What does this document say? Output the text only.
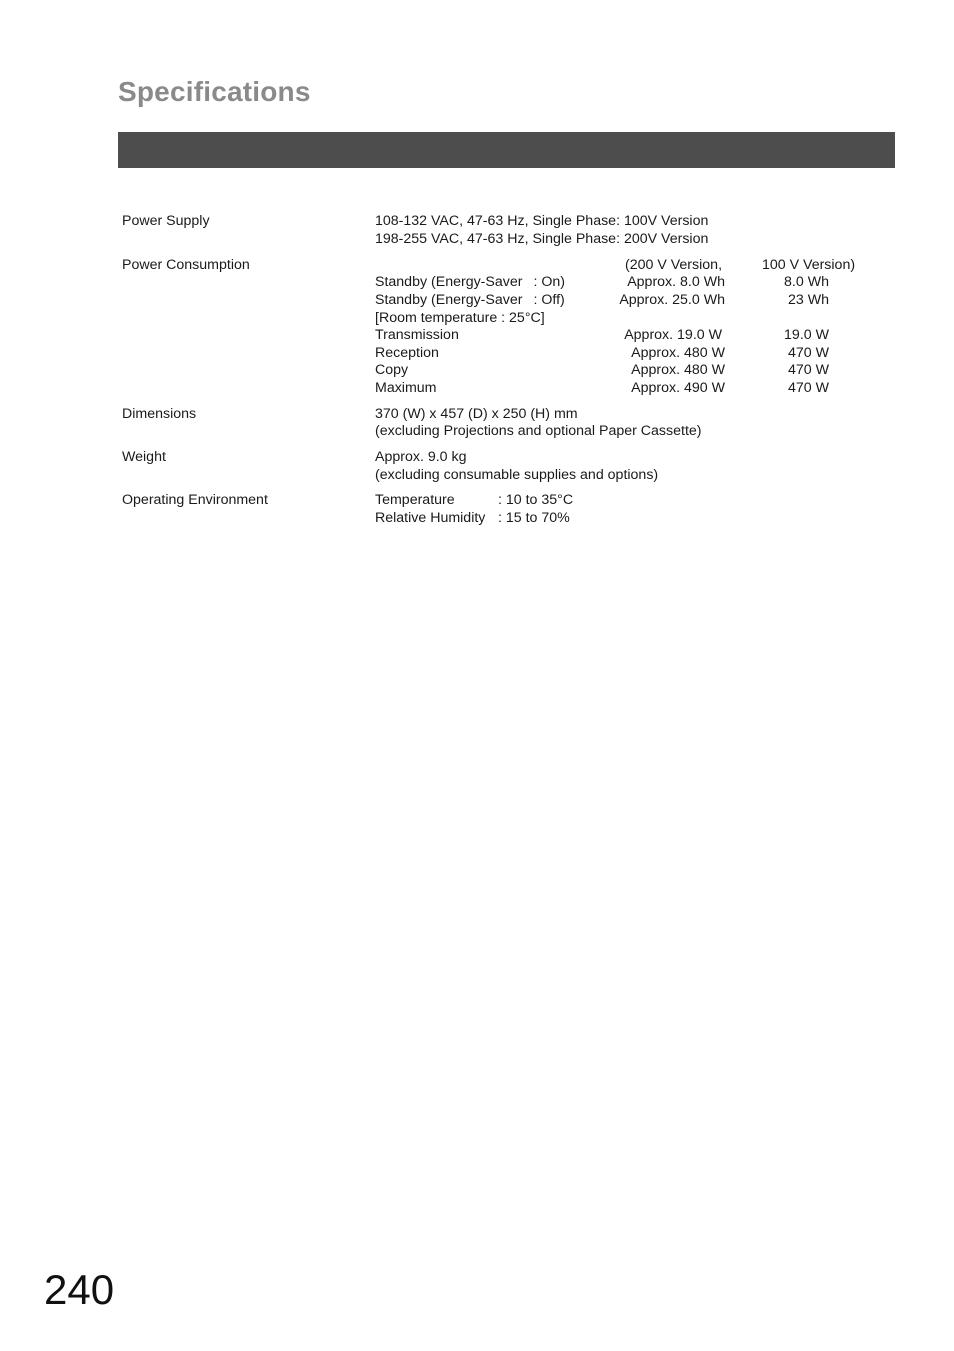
Specifications
Power Supply	108-132 VAC, 47-63 Hz, Single Phase: 100V Version
198-255 VAC, 47-63 Hz, Single Phase: 200V Version
Power Consumption	(200 V Version,	100 V Version)
Standby (Energy-Saver  : On)	Approx. 8.0 Wh	8.0 Wh
Standby (Energy-Saver  : Off)	Approx. 25.0 Wh	23 Wh
[Room temperature : 25°C]
Transmission	Approx. 19.0 W	19.0 W
Reception	Approx. 480 W	470 W
Copy	Approx. 480 W	470 W
Maximum	Approx. 490 W	470 W
Dimensions	370 (W) x 457 (D) x 250 (H) mm
(excluding Projections and optional Paper Cassette)
Weight	Approx. 9.0 kg
(excluding consumable supplies and options)
Operating Environment	Temperature	: 10 to 35°C
Relative Humidity : 15 to 70%
240
